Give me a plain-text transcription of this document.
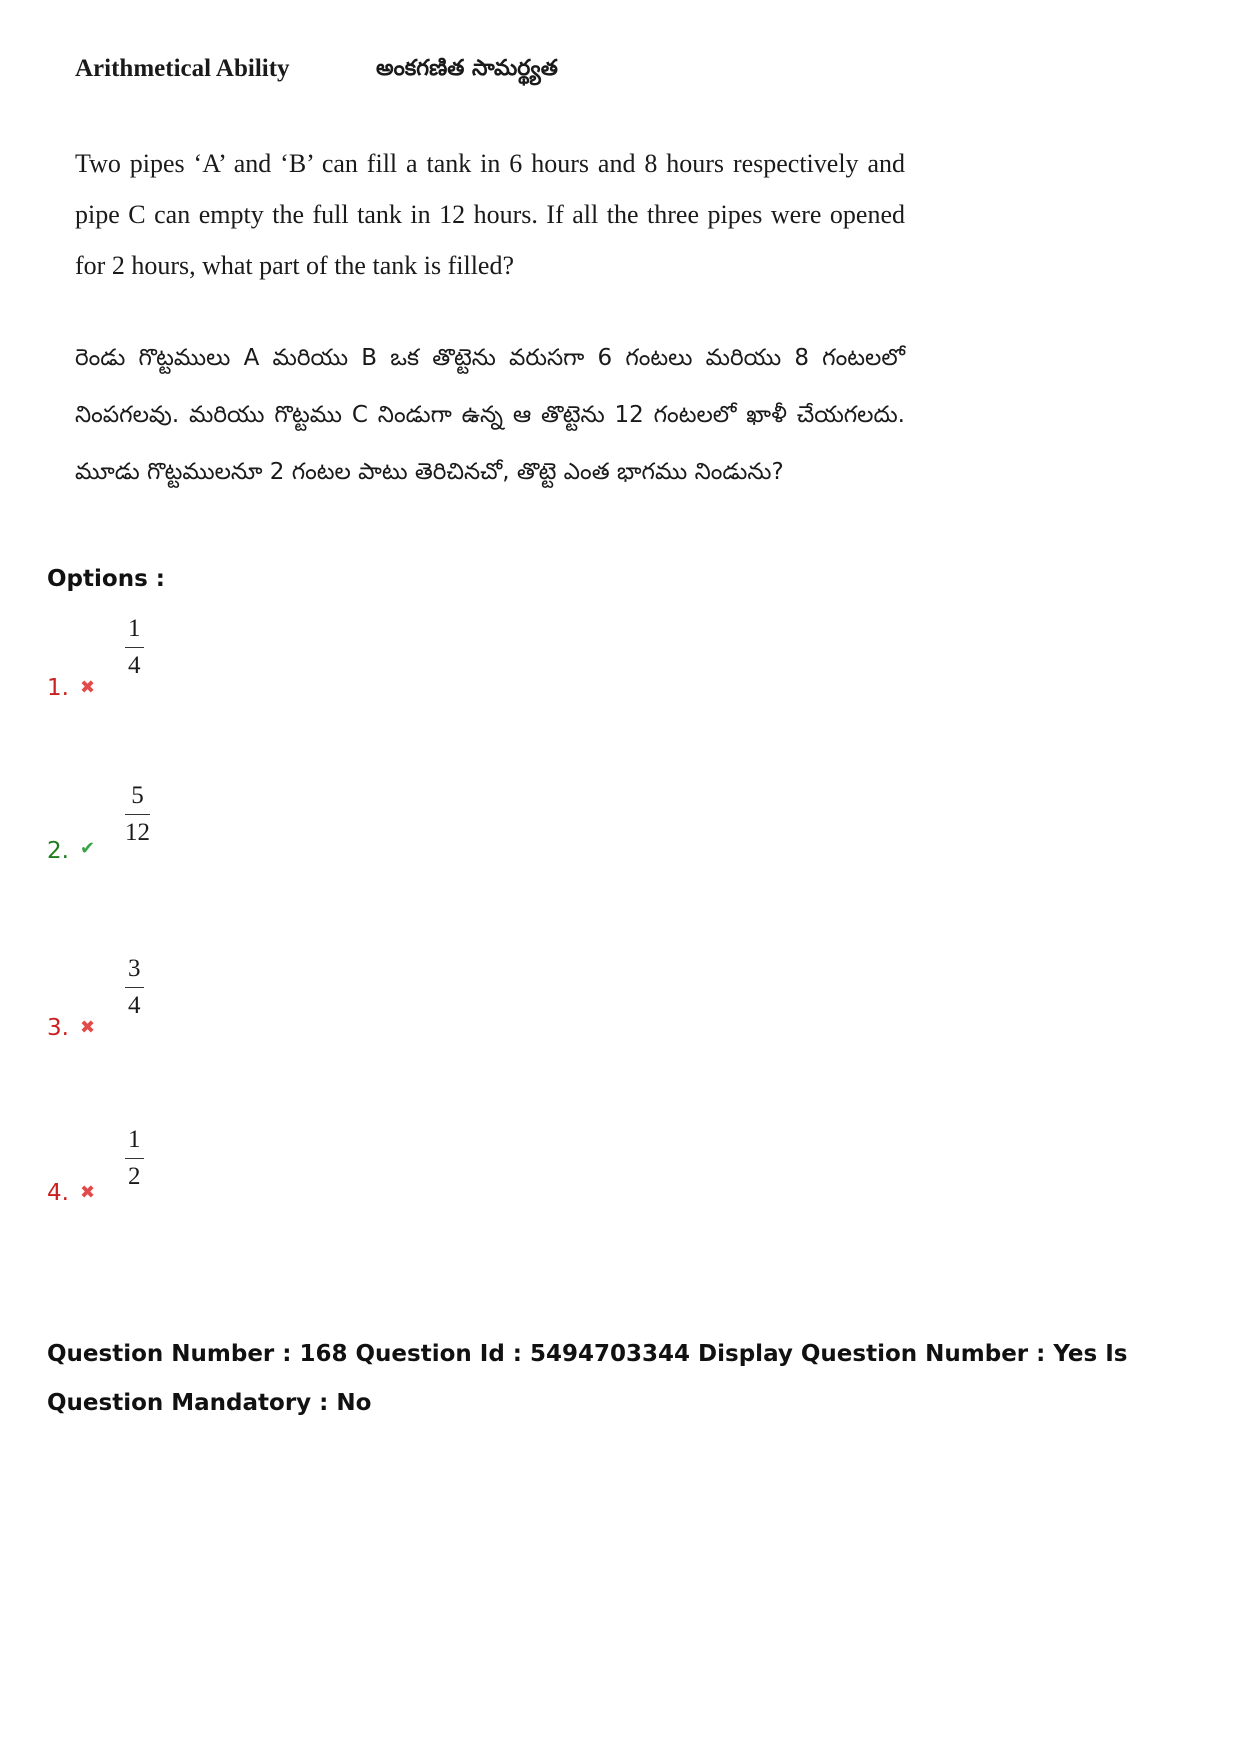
Arithmetical Ability	అంకగణిత సామర్థ్యత
Two pipes ‘A’ and ‘B’ can fill a tank in 6 hours and 8 hours respectively and pipe C can empty the full tank in 12 hours. If all the three pipes were opened for 2 hours, what part of the tank is filled?
రెండు గొట్టములు A మరియు B ఒక తొట్టెను వరుసగా 6 గంటలు మరియు 8 గంటలలో నింపగలవు. మరియు గొట్టము C నిండుగా ఉన్న ఆ తొట్టెను 12 గంటలలో ఖాళీ చేయగలదు. మూడు గొట్టములనూ 2 గంటల పాటు తెరిచినచో, తొట్టె ఎంత భాగము నిండును?
Options :
1. ✖
$\frac{1}{4}$
2. ✔
$\frac{5}{12}$
3. ✖
$\frac{3}{4}$
4. ✖
$\frac{1}{2}$
Question Number : 168 Question Id : 5494703344 Display Question Number : Yes Is Question Mandatory : No
